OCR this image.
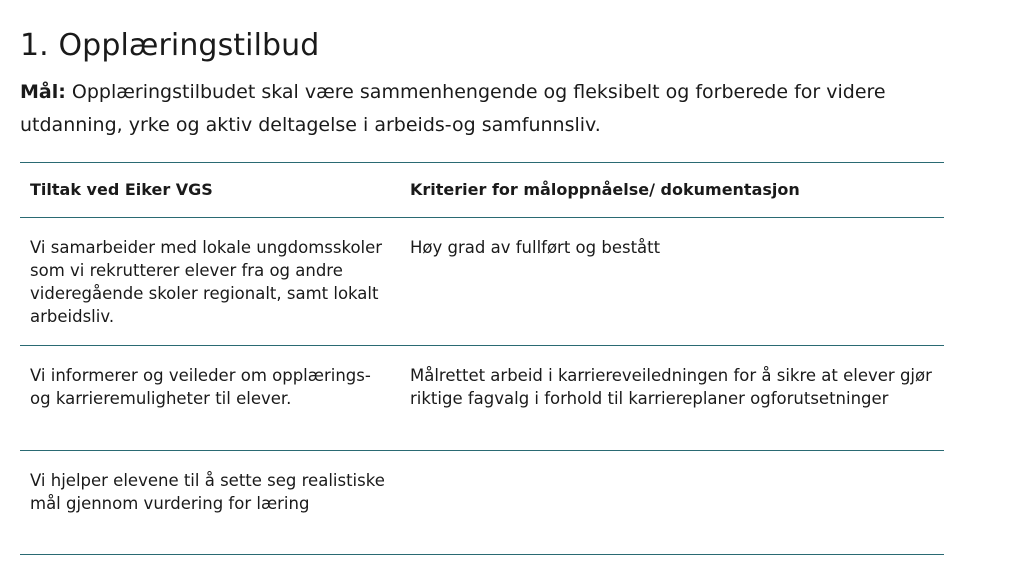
1. Opplæringstilbud

Mål: Opplæringstilbudet skal være sammenhengende og fleksibelt og forberede for videre utdanning, yrke og aktiv deltagelse i arbeids-og samfunnsliv.

Tiltak ved Eiker VGS	Kriterier for måloppnåelse/ dokumentasjon
Vi samarbeider med lokale ungdomsskoler som vi rekrutterer elever fra og andre videregående skoler regionalt, samt lokalt arbeidsliv.	Høy grad av fullført og bestått
Vi informerer og veileder om opplærings-og karrieremuligheter til elever.	Målrettet arbeid i karriereveiledningen for å sikre at elever gjør riktige fagvalg i forhold til karriereplaner ogforutsetninger
Vi hjelper elevene til å sette seg realistiske mål gjennom vurdering for læring	
